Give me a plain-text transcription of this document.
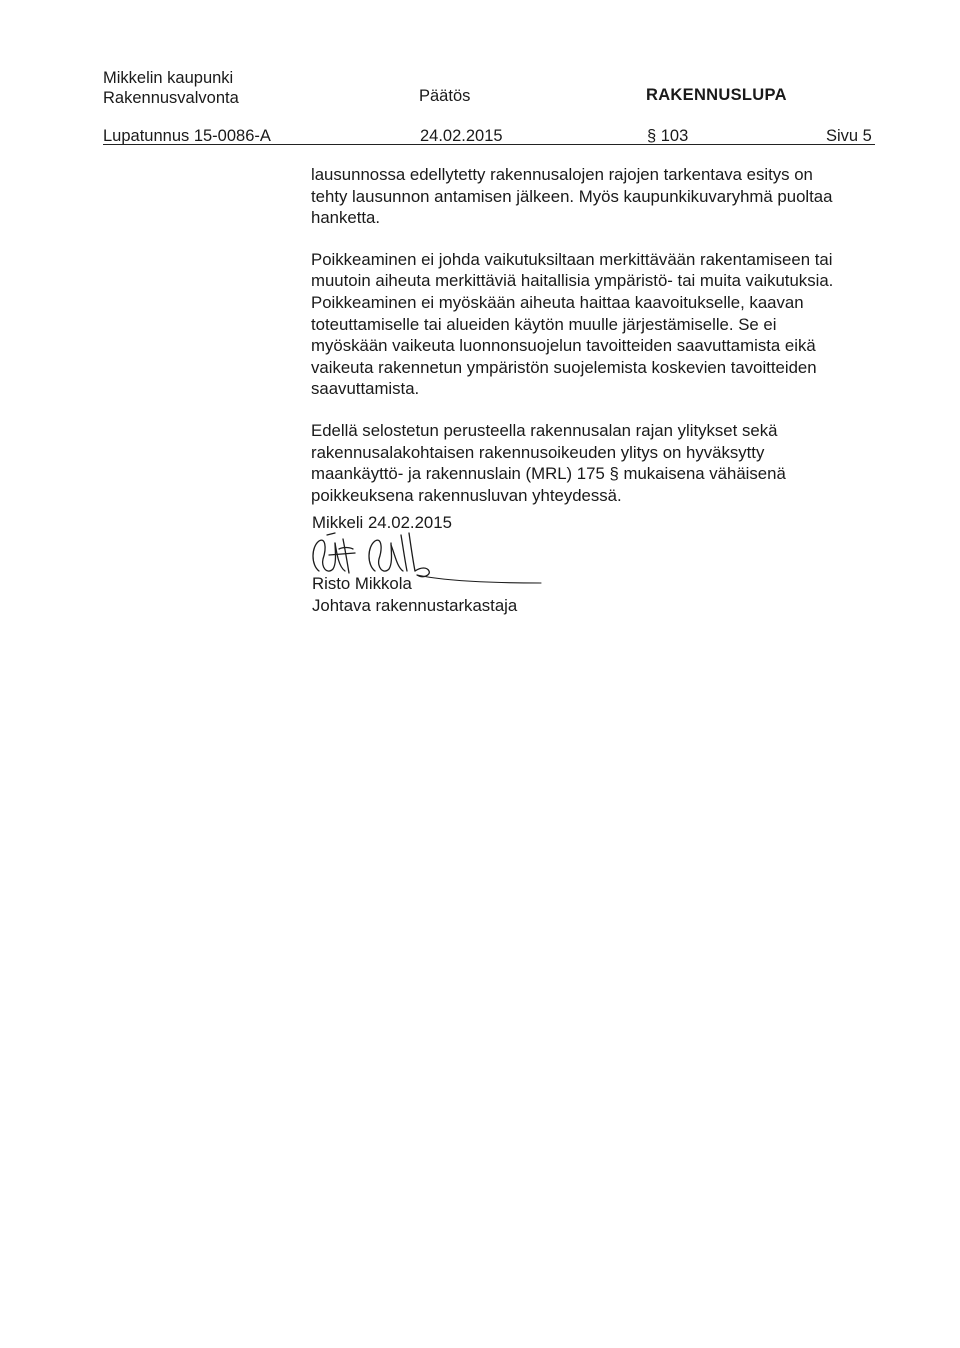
Mikkelin kaupunki
Rakennusvalvonta	Päätös	RAKENNUSLUPA
Lupatunnus 15-0086-A	24.02.2015	§ 103	Sivu 5
lausunnossa edellytetty rakennusalojen rajojen tarkentava esitys on
tehty lausunnon antamisen jälkeen. Myös kaupunkikuvaryhmä puoltaa
hanketta.
Poikkeaminen ei johda vaikutuksiltaan merkittävään rakentamiseen tai
muutoin aiheuta merkittäviä haitallisia ympäristö- tai muita vaikutuksia.
Poikkeaminen ei myöskään aiheuta haittaa kaavoitukselle, kaavan
toteuttamiselle tai alueiden käytön muulle järjestämiselle. Se ei
myöskään vaikeuta luonnonsuojelun tavoitteiden saavuttamista eikä
vaikeuta rakennetun ympäristön suojelemista koskevien tavoitteiden
saavuttamista.
Edellä selostetun perusteella rakennusalan rajan ylitykset sekä
rakennusalakohtaisen rakennusoikeuden ylitys on hyväksytty
maankäyttö- ja rakennuslain (MRL) 175 § mukaisena vähäisenä
poikkeuksena rakennusluvan yhteydessä.
Mikkeli 24.02.2015
Risto Mikkola
Johtava rakennustarkastaja
